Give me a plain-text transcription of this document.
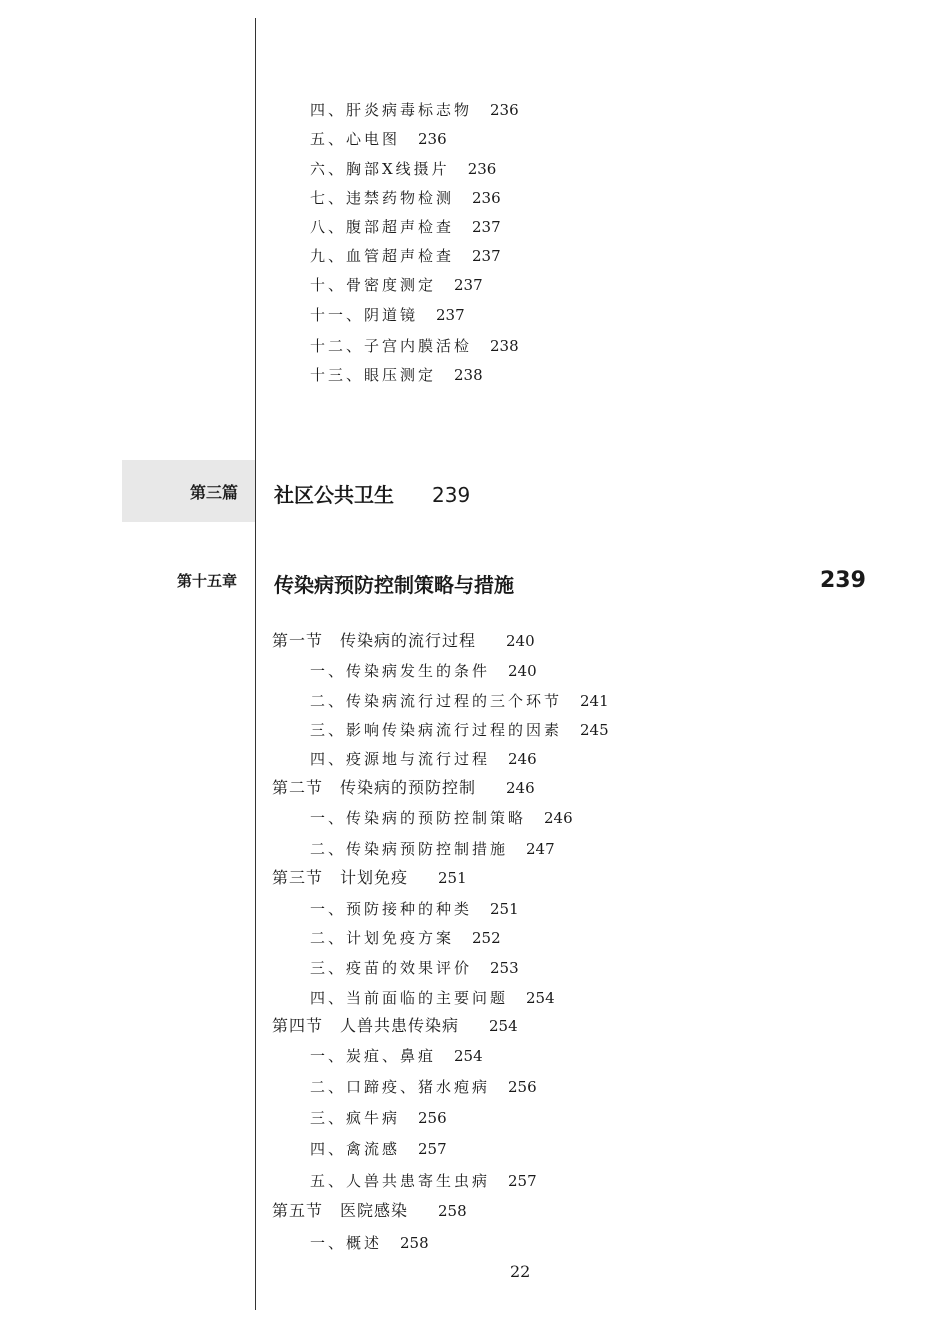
四、肝炎病毒标志物 236
五、心电图 236
六、胸部X线摄片 236
七、违禁药物检测 236
八、腹部超声检查 237
九、血管超声检查 237
十、骨密度测定 237
十一、阴道镜 237
十二、子宫内膜活检 238
十三、眼压测定 238
第三篇 社区公共卫生 239
第十五章 传染病预防控制策略与措施	239
第一节　传染病的流行过程 240
一、传染病发生的条件 240
二、传染病流行过程的三个环节 241
三、影响传染病流行过程的因素 245
四、疫源地与流行过程 246
第二节　传染病的预防控制 246
一、传染病的预防控制策略 246
二、传染病预防控制措施 247
第三节　计划免疫 251
一、预防接种的种类 251
二、计划免疫方案 252
三、疫苗的效果评价 253
四、当前面临的主要问题 254
第四节　人兽共患传染病 254
一、炭疽、鼻疽 254
二、口蹄疫、猪水疱病 256
三、疯牛病 256
四、禽流感 257
五、人兽共患寄生虫病 257
第五节　医院感染 258
一、概述 258
22
